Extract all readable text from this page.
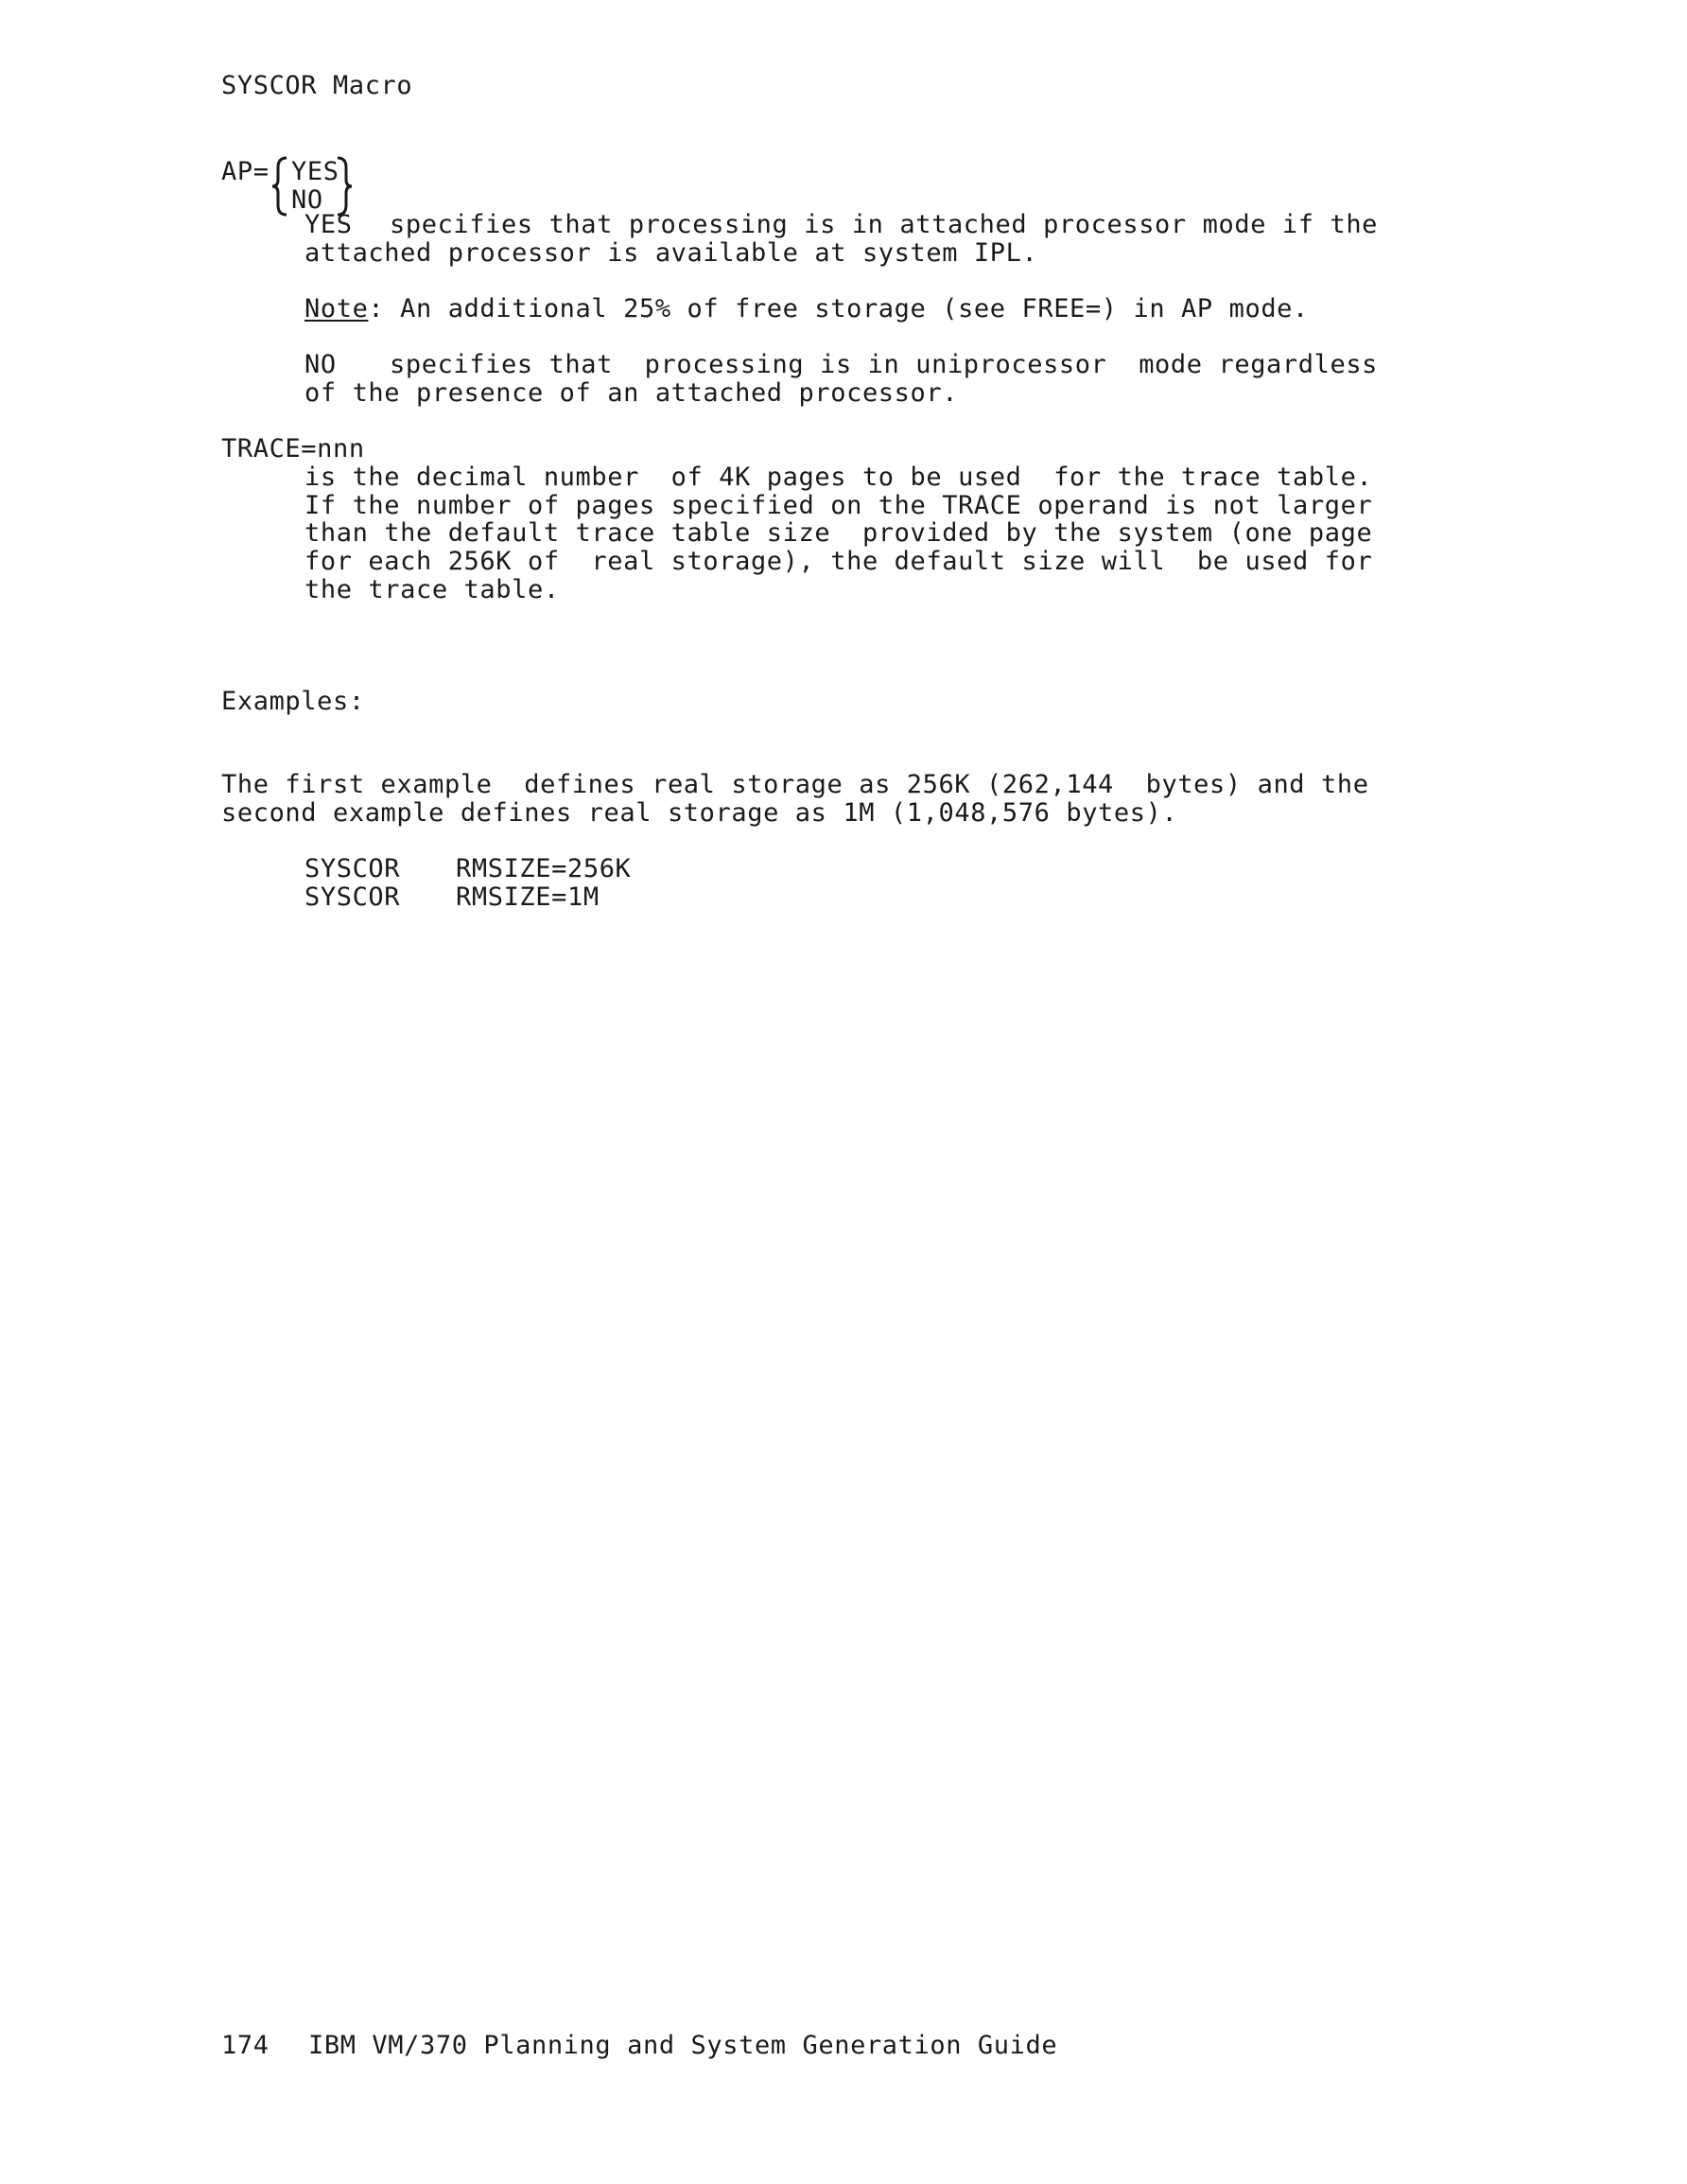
SYSCOR Macro
AP= YES
NO
YES specifies that processing is in attached processor mode if the
attached processor is available at system IPL.
Note: An additional 25% of free storage (see FREE=) in AP mode.
NO specifies that  processing is in uniprocessor  mode regardless
of the presence of an attached processor.
TRACE=nnn
is the decimal number  of 4K pages to be used  for the trace table.
If the number of pages specified on the TRACE operand is not larger
than the default trace table size  provided by the system (one page
for each 256K of  real storage), the default size will  be used for
the trace table.
Examples:
The first example  defines real storage as 256K (262,144  bytes) and the
second example defines real storage as 1M (1,048,576 bytes).
SYSCOR RMSIZE=256K
SYSCOR RMSIZE=1M
174 IBM VM/370 Planning and System Generation Guide
